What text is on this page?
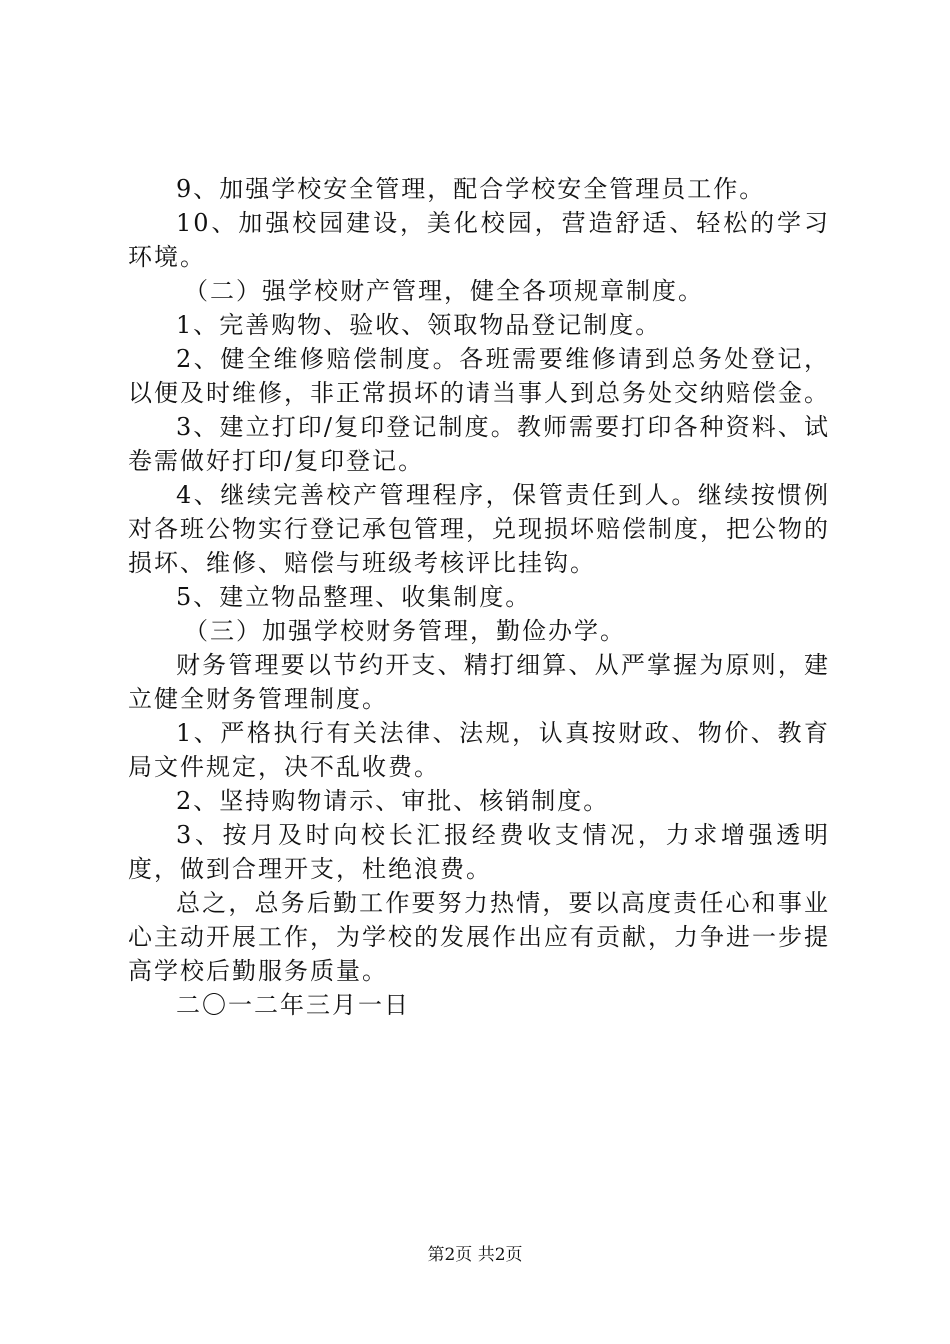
9、加强学校安全管理，配合学校安全管理员工作。

10、加强校园建设，美化校园，营造舒适、轻松的学习环境。

（二）强学校财产管理，健全各项规章制度。

1、完善购物、验收、领取物品登记制度。

2、健全维修赔偿制度。各班需要维修请到总务处登记，以便及时维修，非正常损坏的请当事人到总务处交纳赔偿金。

3、建立打印/复印登记制度。教师需要打印各种资料、试卷需做好打印/复印登记。

4、继续完善校产管理程序，保管责任到人。继续按惯例对各班公物实行登记承包管理，兑现损坏赔偿制度，把公物的损坏、维修、赔偿与班级考核评比挂钩。

5、建立物品整理、收集制度。

（三）加强学校财务管理，勤俭办学。

财务管理要以节约开支、精打细算、从严掌握为原则，建立健全财务管理制度。

1、严格执行有关法律、法规，认真按财政、物价、教育局文件规定，决不乱收费。

2、坚持购物请示、审批、核销制度。

3、按月及时向校长汇报经费收支情况，力求增强透明度，做到合理开支，杜绝浪费。

总之，总务后勤工作要努力热情，要以高度责任心和事业心主动开展工作，为学校的发展作出应有贡献，力争进一步提高学校后勤服务质量。

二〇一二年三月一日

第2页 共2页
